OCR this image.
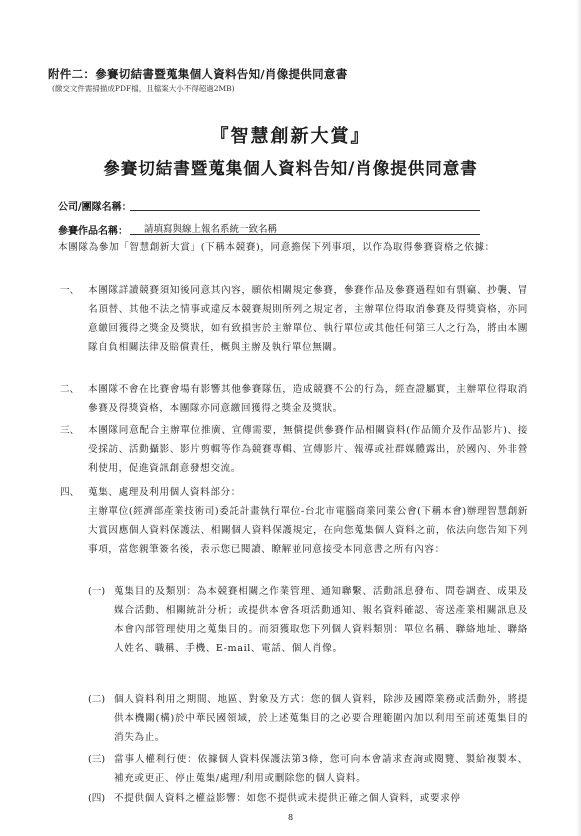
附件二：參賽切結書暨蒐集個人資料告知/肖像提供同意書
(繳交文件需掃描成PDF檔，且檔案大小不得超過2MB)
『智慧創新大賞』
參賽切結書暨蒐集個人資料告知/肖像提供同意書
公司/團隊名稱：
參賽作品名稱： 請填寫與線上報名系統一致名稱
本團隊為參加「智慧創新大賞」(下稱本競賽)，同意擔保下列事項，以作為取得參賽資格之依據：
一、 本團隊詳讀競賽須知後同意其內容，願依相關規定參賽，參賽作品及參賽過程如有剽竊、抄襲、冒名頂替、其他不法之情事或違反本競賽規則所列之規定者，主辦單位得取消參賽及得獎資格，亦同意繳回獲得之獎金及獎狀，如有致損害於主辦單位、執行單位或其他任何第三人之行為，將由本團隊自負相關法律及賠償責任，概與主辦及執行單位無關。
二、 本團隊不會在比賽會場有影響其他參賽隊伍，造成競賽不公的行為，經查證屬實，主辦單位得取消參賽及得獎資格，本團隊亦同意繳回獲得之獎金及獎狀。
三、 本團隊同意配合主辦單位推廣、宣傳需要，無償提供參賽作品相關資料(作品簡介及作品影片)、接受採訪、活動攝影、影片剪輯等作為競賽專輯、宣傳影片、報導或社群媒體露出，於國內、外非營利使用，促進資訊創意發想交流。
四、 蒐集、處理及利用個人資料部分：
主辦單位(經濟部產業技術司)委託計畫執行單位-台北市電腦商業同業公會(下稱本會)辦理智慧創新大賞因應個人資料保護法、相關個人資料保護規定，在向您蒐集個人資料之前，依法向您告知下列事項，當您親筆簽名後，表示您已閱讀、瞭解並同意接受本同意書之所有內容：
(一) 蒐集目的及類別：為本競賽相關之作業管理、通知聯繫、活動訊息發布、問卷調查、成果及媒合活動、相關統計分析；或提供本會各項活動通知、報名資料確認、寄送產業相關訊息及本會內部管理使用之蒐集目的。而須獲取您下列個人資料類別：單位名稱、聯絡地址、聯絡人姓名、職稱、手機、E-mail、電話、個人肖像。
(二) 個人資料利用之期間、地區、對象及方式：您的個人資料，除涉及國際業務或活動外，將提供本機關(構)於中華民國領域，於上述蒐集目的之必要合理範圍內加以利用至前述蒐集目的消失為止。
(三) 當事人權利行使：依據個人資料保護法第3條，您可向本會請求查詢或閱覽、製給複製本、補充或更正、停止蒐集/處理/利用或刪除您的個人資料。
(四) 不提供個人資料之權益影響：如您不提供或未提供正確之個人資料，或要求停
8
